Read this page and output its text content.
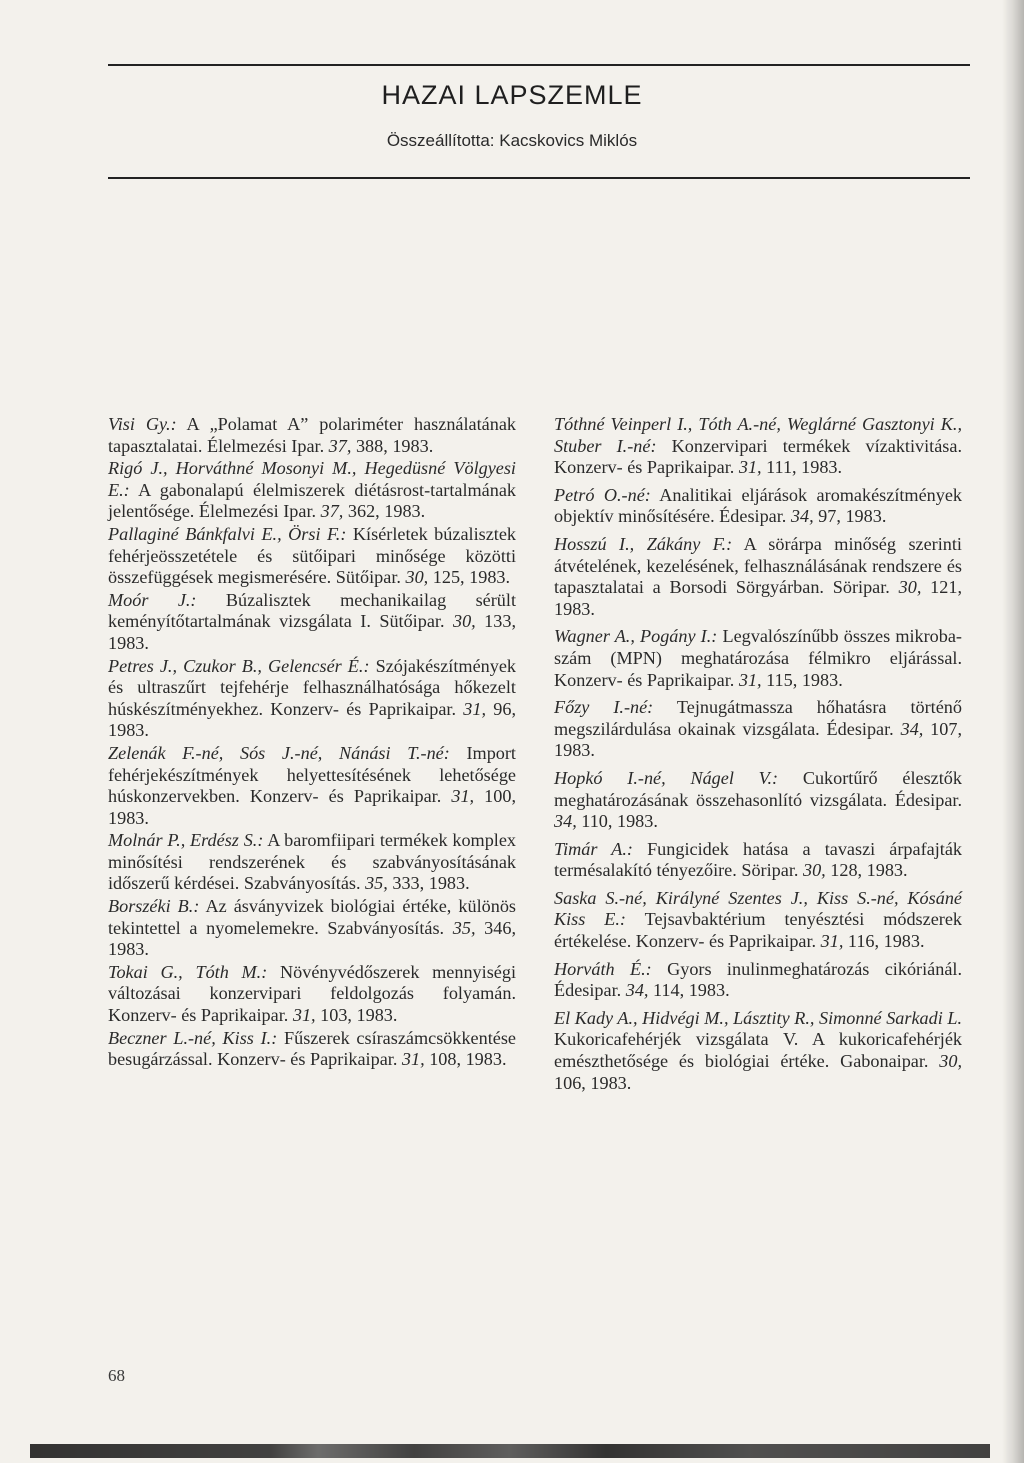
HAZAI LAPSZEMLE
Összeállította: Kacskovics Miklós

Visi Gy.: A „Polamat A” polariméter használatának tapasztalatai. Élelmezési Ipar. 37, 388, 1983.

Rigó J., Horváthné Mosonyi M., Hegedüsné Völgyesi E.: A gabonalapú élelmiszerek diétásrost-tartalmának jelentősége. Élelmezési Ipar. 37, 362, 1983.

Pallaginé Bánkfalvi E., Örsi F.: Kísérletek búzalisztek fehérjeösszetétele és sütőipari minősége közötti összefüggések megismerésére. Sütőipar. 30, 125, 1983.

Moór J.: Búzalisztek mechanikailag sérült keményítőtartalmának vizsgálata I. Sütőipar. 30, 133, 1983.

Petres J., Czukor B., Gelencsér É.: Szójakészítmények és ultraszűrt tejfehérje felhasználhatósága hőkezelt húskészítményekhez. Konzerv- és Paprikaipar. 31, 96, 1983.

Zelenák F.-né, Sós J.-né, Nánási T.-né: Import fehérjekészítmények helyettesítésének lehetősége húskonzervekben. Konzerv- és Paprikaipar. 31, 100, 1983.

Molnár P., Erdész S.: A baromfiipari termékek komplex minősítési rendszerének és szabványosításának időszerű kérdései. Szabványosítás. 35, 333, 1983.

Borszéki B.: Az ásványvizek biológiai értéke, különös tekintettel a nyomelemekre. Szabványosítás. 35, 346, 1983.

Tokai G., Tóth M.: Növényvédőszerek mennyiségi változásai konzervipari feldolgozás folyamán. Konzerv- és Paprikaipar. 31, 103, 1983.

Beczner L.-né, Kiss I.: Fűszerek csíraszámcsökkentése besugárzással. Konzerv- és Paprikaipar. 31, 108, 1983.

Tóthné Veinperl I., Tóth A.-né, Weglárné Gasztonyi K., Stuber I.-né: Konzervipari termékek vízaktivitása. Konzerv- és Paprikaipar. 31, 111, 1983.

Petró O.-né: Analitikai eljárások aromakészítmények objektív minősítésére. Édesipar. 34, 97, 1983.

Hosszú I., Zákány F.: A sörárpa minőség szerinti átvételének, kezelésének, felhasználásának rendszere és tapasztalatai a Borsodi Sörgyárban. Söripar. 30, 121, 1983.

Wagner A., Pogány I.: Legvalószínűbb összes mikroba-szám (MPN) meghatározása félmikro eljárással. Konzerv- és Paprikaipar. 31, 115, 1983.

Főzy I.-né: Tejnugátmassza hőhatásra történő megszilárdulása okainak vizsgálata. Édesipar. 34, 107, 1983.

Hopkó I.-né, Nágel V.: Cukortűrő élesztők meghatározásának összehasonlító vizsgálata. Édesipar. 34, 110, 1983.

Timár A.: Fungicidek hatása a tavaszi árpafajták termésalakító tényezőire. Söripar. 30, 128, 1983.

Saska S.-né, Királyné Szentes J., Kiss S.-né, Kósáné Kiss E.: Tejsavbaktérium tenyésztési módszerek értékelése. Konzerv- és Paprikaipar. 31, 116, 1983.

Horváth É.: Gyors inulinmeghatározás cikóriánál. Édesipar. 34, 114, 1983.

El Kady A., Hidvégi M., Lásztity R., Simonné Sarkadi L. Kukoricafehérjék vizsgálata V. A kukoricafehérjék emészthetősége és biológiai értéke. Gabonaipar. 30, 106, 1983.

68
